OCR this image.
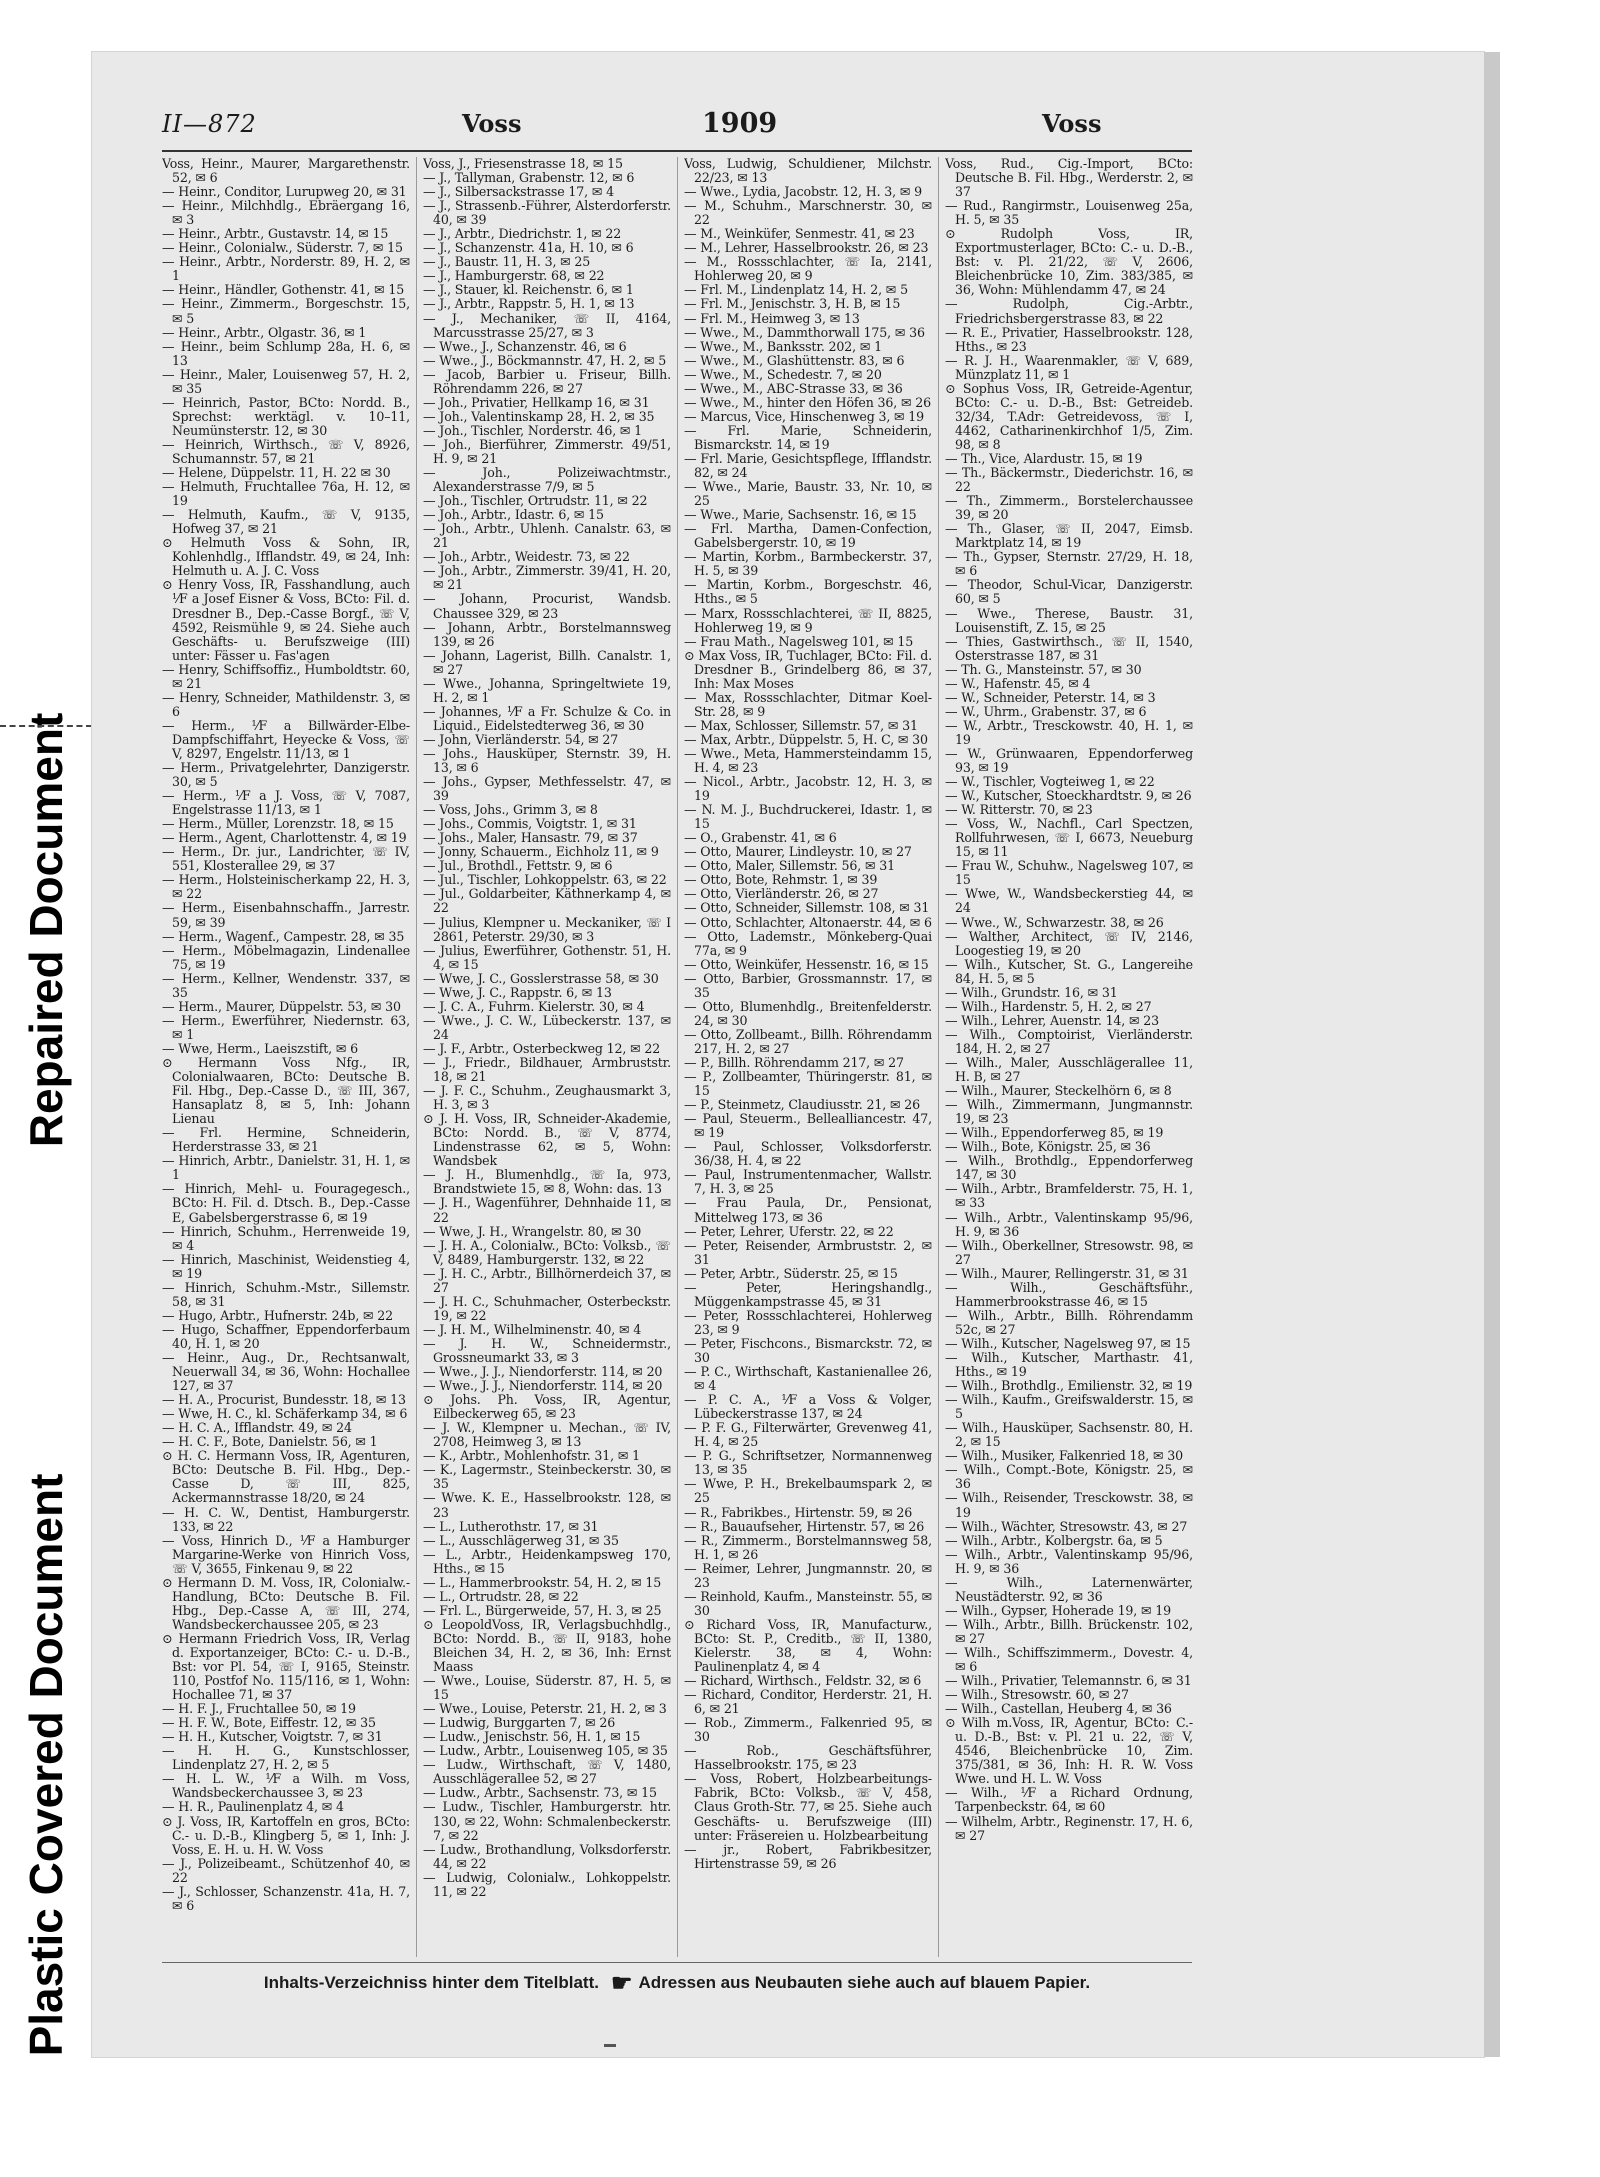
Repaired Document
Plastic Covered Document
II—872	Voss	1909	Voss

Voss, Heinr., Maurer, Margarethenstr. 52, ✉ 6

— Heinr., Conditor, Lurupweg 20, ✉ 31

— Heinr., Milchhdlg., Ebräergang 16, ✉ 3

— Heinr., Arbtr., Gustavstr. 14, ✉ 15

— Heinr., Colonialw., Süderstr. 7, ✉ 15

— Heinr., Arbtr., Norderstr. 89, H. 2, ✉ 1

— Heinr., Händler, Gothenstr. 41, ✉ 15

— Heinr., Zimmerm., Borgeschstr. 15, ✉ 5

— Heinr., Arbtr., Olgastr. 36, ✉ 1

— Heinr., beim Schlump 28a, H. 6, ✉ 13

— Heinr., Maler, Louisenweg 57, H. 2, ✉ 35

— Heinrich, Pastor, BCto: Nordd. B., Sprechst: werktägl. v. 10–11, Neumünsterstr. 12, ✉ 30

— Heinrich, Wirthsch., ☏ V, 8926, Schumannstr. 57, ✉ 21

— Helene, Düppelstr. 11, H. 22 ✉ 30

— Helmuth, Fruchtallee 76a, H. 12, ✉ 19

— Helmuth, Kaufm., ☏ V, 9135, Hofweg 37, ✉ 21

⊙ Helmuth Voss & Sohn, IR, Kohlenhdlg., Ifflandstr. 49, ✉ 24, Inh: Helmuth u. A. J. C. Voss

⊙ Henry Voss, IR, Fasshandlung, auch ⅟F a Josef Eisner & Voss, BCto: Fil. d. Dresdner B., Dep.-Casse Borgf., ☏ V, 4592, Reismühle 9, ✉ 24. Siehe auch Geschäfts- u. Berufszweige (III) unter: Fässer u. Fas'agen

— Henry, Schiffsoffiz., Humboldtstr. 60, ✉ 21

— Henry, Schneider, Mathildenstr. 3, ✉ 6

— Herm., ⅟F a Billwärder-Elbe-Dampfschiffahrt, Heyecke & Voss, ☏ V, 8297, Engelstr. 11/13, ✉ 1

— Herm., Privatgelehrter, Danzigerstr. 30, ✉ 5

— Herm., ⅟F a J. Voss, ☏ V, 7087, Engelstrasse 11/13, ✉ 1

— Herm., Müller, Lorenzstr. 18, ✉ 15

— Herm., Agent, Charlottenstr. 4, ✉ 19

— Herm., Dr. jur., Landrichter, ☏ IV, 551, Klosterallee 29, ✉ 37

— Herm., Holsteinischerkamp 22, H. 3, ✉ 22

— Herm., Eisenbahnschaffn., Jarrestr. 59, ✉ 39

— Herm., Wagenf., Campestr. 28, ✉ 35

— Herm., Möbelmagazin, Lindenallee 75, ✉ 19

— Herm., Kellner, Wendenstr. 337, ✉ 35

— Herm., Maurer, Düppelstr. 53, ✉ 30

— Herm., Ewerführer, Niedernstr. 63, ✉ 1

— Wwe, Herm., Laeiszstift, ✉ 6

⊙ Hermann Voss Nfg., IR, Colonialwaaren, BCto: Deutsche B. Fil. Hbg., Dep.-Casse D., ☏ III, 367, Hansaplatz 8, ✉ 5, Inh: Johann Lienau

— Frl. Hermine, Schneiderin, Herderstrasse 33, ✉ 21

— Hinrich, Arbtr., Danielstr. 31, H. 1, ✉ 1

— Hinrich, Mehl- u. Fouragegesch., BCto: H. Fil. d. Dtsch. B., Dep.-Casse E, Gabelsbergerstrasse 6, ✉ 19

— Hinrich, Schuhm., Herrenweide 19, ✉ 4

— Hinrich, Maschinist, Weidenstieg 4, ✉ 19

— Hinrich, Schuhm.-Mstr., Sillemstr. 58, ✉ 31

— Hugo, Arbtr., Hufnerstr. 24b, ✉ 22

— Hugo, Schaffner, Eppendorferbaum 40, H. 1, ✉ 20

— Heinr., Aug., Dr., Rechtsanwalt, Neuerwall 34, ✉ 36, Wohn: Hochallee 127, ✉ 37

— H. A., Procurist, Bundesstr. 18, ✉ 13

— Wwe, H. C., kl. Schäferkamp 34, ✉ 6

— H. C. A., Ifflandstr. 49, ✉ 24

— H. C. F., Bote, Danielstr. 56, ✉ 1

⊙ H. C. Hermann Voss, IR, Agenturen, BCto: Deutsche B. Fil. Hbg., Dep.-Casse D, ☏ III, 825, Ackermannstrasse 18/20, ✉ 24

— H. C. W., Dentist, Hamburgerstr. 133, ✉ 22

— Voss, Hinrich D., ⅟F a Hamburger Margarine-Werke von Hinrich Voss, ☏ V, 3655, Finkenau 9, ✉ 22

⊙ Hermann D. M. Voss, IR, Colonialw.-Handlung, BCto: Deutsche B. Fil. Hbg., Dep.-Casse A, ☏ III, 274, Wandsbeckerchaussee 205, ✉ 23

⊙ Hermann Friedrich Voss, IR, Verlag d. Exportanzeiger, BCto: C.- u. D.-B., Bst: vor Pl. 54, ☏ I, 9165, Steinstr. 110, Postfof No. 115/116, ✉ 1, Wohn: Hochallee 71, ✉ 37

— H. F. J., Fruchtallee 50, ✉ 19

— H. F. W., Bote, Eiffestr. 12, ✉ 35

— H. H., Kutscher, Voigtstr. 7, ✉ 31

— H. H. G., Kunstschlosser, Lindenplatz 27, H. 2, ✉ 5

— H. L. W., ⅟F a Wilh. m Voss, Wandsbeckerchaussee 3, ✉ 23

— H. R., Paulinenplatz 4, ✉ 4

⊙ J. Voss, IR, Kartoffeln en gros, BCto: C.- u. D.-B., Klingberg 5, ✉ 1, Inh: J. Voss, E. H. u. H. W. Voss

— J., Polizeibeamt., Schützenhof 40, ✉ 22

— J., Schlosser, Schanzenstr. 41a, H. 7, ✉ 6

Voss, J., Friesenstrasse 18, ✉ 15

— J., Tallyman, Grabenstr. 12, ✉ 6

— J., Silbersackstrasse 17, ✉ 4

— J., Strassenb.-Führer, Alsterdorferstr. 40, ✉ 39

— J., Arbtr., Diedrichstr. 1, ✉ 22

— J., Schanzenstr. 41a, H. 10, ✉ 6

— J., Baustr. 11, H. 3, ✉ 25

— J., Hamburgerstr. 68, ✉ 22

— J., Stauer, kl. Reichenstr. 6, ✉ 1

— J., Arbtr., Rappstr. 5, H. 1, ✉ 13

— J., Mechaniker, ☏ II, 4164, Marcusstrasse 25/27, ✉ 3

— Wwe., J., Schanzenstr. 46, ✉ 6

— Wwe., J., Böckmannstr. 47, H. 2, ✉ 5

— Jacob, Barbier u. Friseur, Billh. Röhrendamm 226, ✉ 27

— Joh., Privatier, Hellkamp 16, ✉ 31

— Joh., Valentinskamp 28, H. 2, ✉ 35

— Joh., Tischler, Norderstr. 46, ✉ 1

— Joh., Bierführer, Zimmerstr. 49/51, H. 9, ✉ 21

— Joh., Polizeiwachtmstr., Alexanderstrasse 7/9, ✉ 5

— Joh., Tischler, Ortrudstr. 11, ✉ 22

— Joh., Arbtr., Idastr. 6, ✉ 15

— Joh., Arbtr., Uhlenh. Canalstr. 63, ✉ 21

— Joh., Arbtr., Weidestr. 73, ✉ 22

— Joh., Arbtr., Zimmerstr. 39/41, H. 20, ✉ 21

— Johann, Procurist, Wandsb. Chaussee 329, ✉ 23

— Johann, Arbtr., Borstelmannsweg 139, ✉ 26

— Johann, Lagerist, Billh. Canalstr. 1, ✉ 27

— Wwe., Johanna, Springeltwiete 19, H. 2, ✉ 1

— Johannes, ⅟F a Fr. Schulze & Co. in Liquid., Eidelstedterweg 36, ✉ 30

— John, Vierländerstr. 54, ✉ 27

— Johs., Hausküper, Sternstr. 39, H. 13, ✉ 6

— Johs., Gypser, Methfesselstr. 47, ✉ 39

— Voss, Johs., Grimm 3, ✉ 8

— Johs., Commis, Voigtstr. 1, ✉ 31

— Johs., Maler, Hansastr. 79, ✉ 37

— Jonny, Schauerm., Eichholz 11, ✉ 9

— Jul., Brothdl., Fettstr. 9, ✉ 6

— Jul., Tischler, Lohkoppelstr. 63, ✉ 22

— Jul., Goldarbeiter, Käthnerkamp 4, ✉ 22

— Julius, Klempner u. Meckaniker, ☏ I 2861, Peterstr. 29/30, ✉ 3

— Julius, Ewerführer, Gothenstr. 51, H. 4, ✉ 15

— Wwe, J. C., Gosslerstrasse 58, ✉ 30

— Wwe, J. C., Rappstr. 6, ✉ 13

— J. C. A., Fuhrm. Kielerstr. 30, ✉ 4

— Wwe., J. C. W., Lübeckerstr. 137, ✉ 24

— J. F., Arbtr., Osterbeckweg 12, ✉ 22

— J., Friedr., Bildhauer, Armbruststr. 18, ✉ 21

— J. F. C., Schuhm., Zeughausmarkt 3, H. 3, ✉ 3

⊙ J. H. Voss, IR, Schneider-Akademie, BCto: Nordd. B., ☏ V, 8774, Lindenstrasse 62, ✉ 5, Wohn: Wandsbek

— J. H., Blumenhdlg., ☏ Ia, 973, Brandstwiete 15, ✉ 8, Wohn: das. 13

— J. H., Wagenführer, Dehnhaide 11, ✉ 22

— Wwe, J. H., Wrangelstr. 80, ✉ 30

— J. H. A., Colonialw., BCto: Volksb., ☏ V, 8489, Hamburgerstr. 132, ✉ 22

— J. H. C., Arbtr., Billhörnerdeich 37, ✉ 27

— J. H. C., Schuhmacher, Osterbeckstr. 19, ✉ 22

— J. H. M., Wilhelminenstr. 40, ✉ 4

— J. H. W., Schneidermstr., Grossneumarkt 33, ✉ 3

— Wwe., J. J., Niendorferstr. 114, ✉ 20

— Wwe., J. J., Niendorferstr. 114, ✉ 20

⊙ Johs. Ph. Voss, IR, Agentur, Eilbeckerweg 65, ✉ 23

— J. W., Klempner u. Mechan., ☏ IV, 2708, Heimweg 3, ✉ 13

— K., Arbtr., Mohlenhofstr. 31, ✉ 1

— K., Lagermstr., Steinbeckerstr. 30, ✉ 35

— Wwe. K. E., Hasselbrookstr. 128, ✉ 23

— L., Lutherothstr. 17, ✉ 31

— L., Ausschlägerweg 31, ✉ 35

— L., Arbtr., Heidenkampsweg 170, Hths., ✉ 15

— L., Hammerbrookstr. 54, H. 2, ✉ 15

— L., Ortrudstr. 28, ✉ 22

— Frl. L., Bürgerweide, 57, H. 3, ✉ 25

⊙ LeopoldVoss, IR, Verlagsbuchhdlg., BCto: Nordd. B., ☏ II, 9183, hohe Bleichen 34, H. 2, ✉ 36, Inh: Ernst Maass

— Wwe., Louise, Süderstr. 87, H. 5, ✉ 15

— Wwe., Louise, Peterstr. 21, H. 2, ✉ 3

— Ludwig, Burggarten 7, ✉ 26

— Ludw., Jenischstr. 56, H. 1, ✉ 15

— Ludw., Arbtr., Louisenweg 105, ✉ 35

— Ludw., Wirthschaft, ☏ V, 1480, Ausschlägerallee 52, ✉ 27

— Ludw., Arbtr., Sachsenstr. 73, ✉ 15

— Ludw., Tischler, Hamburgerstr. htr. 130, ✉ 22, Wohn: Schmalenbeckerstr. 7, ✉ 22

— Ludw., Brothandlung, Volksdorferstr. 44, ✉ 22

— Ludwig, Colonialw., Lohkoppelstr. 11, ✉ 22

Voss, Ludwig, Schuldiener, Milchstr. 22/23, ✉ 13

— Wwe., Lydia, Jacobstr. 12, H. 3, ✉ 9

— M., Schuhm., Marschnerstr. 30, ✉ 22

— M., Weinküfer, Senmestr. 41, ✉ 23

— M., Lehrer, Hasselbrookstr. 26, ✉ 23

— M., Rossschlachter, ☏ Ia, 2141, Hohlerweg 20, ✉ 9

— Frl. M., Lindenplatz 14, H. 2, ✉ 5

— Frl. M., Jenischstr. 3, H. B, ✉ 15

— Frl. M., Heimweg 3, ✉ 13

— Wwe., M., Dammthorwall 175, ✉ 36

— Wwe., M., Banksstr. 202, ✉ 1

— Wwe., M., Glashüttenstr. 83, ✉ 6

— Wwe., M., Schedestr. 7, ✉ 20

— Wwe., M., ABC-Strasse 33, ✉ 36

— Wwe., M., hinter den Höfen 36, ✉ 26

— Marcus, Vice, Hinschenweg 3, ✉ 19

— Frl. Marie, Schneiderin, Bismarckstr. 14, ✉ 19

— Frl. Marie, Gesichtspflege, Ifflandstr. 82, ✉ 24

— Wwe., Marie, Baustr. 33, Nr. 10, ✉ 25

— Wwe., Marie, Sachsenstr. 16, ✉ 15

— Frl. Martha, Damen-Confection, Gabelsbergerstr. 10, ✉ 19

— Martin, Korbm., Barmbeckerstr. 37, H. 5, ✉ 39

— Martin, Korbm., Borgeschstr. 46, Hths., ✉ 5

— Marx, Rossschlachterei, ☏ II, 8825, Hohlerweg 19, ✉ 9

— Frau Math., Nagelsweg 101, ✉ 15

⊙ Max Voss, IR, Tuchlager, BCto: Fil. d. Dresdner B., Grindelberg 86, ✉ 37, Inh: Max Moses

— Max, Rossschlachter, Ditmar Koel-Str. 28, ✉ 9

— Max, Schlosser, Sillemstr. 57, ✉ 31

— Max, Arbtr., Düppelstr. 5, H. C, ✉ 30

— Wwe., Meta, Hammersteindamm 15, H. 4, ✉ 23

— Nicol., Arbtr., Jacobstr. 12, H. 3, ✉ 19

— N. M. J., Buchdruckerei, Idastr. 1, ✉ 15

— O., Grabenstr. 41, ✉ 6

— Otto, Maurer, Lindleystr. 10, ✉ 27

— Otto, Maler, Sillemstr. 56, ✉ 31

— Otto, Bote, Rehmstr. 1, ✉ 39

— Otto, Vierländerstr. 26, ✉ 27

— Otto, Schneider, Sillemstr. 108, ✉ 31

— Otto, Schlachter, Altonaerstr. 44, ✉ 6

— Otto, Lademstr., Mönkeberg-Quai 77a, ✉ 9

— Otto, Weinküfer, Hessenstr. 16, ✉ 15

— Otto, Barbier, Grossmannstr. 17, ✉ 35

— Otto, Blumenhdlg., Breitenfelderstr. 24, ✉ 30

— Otto, Zollbeamt., Billh. Röhrendamm 217, H. 2, ✉ 27

— P., Billh. Röhrendamm 217, ✉ 27

— P., Zollbeamter, Thüringerstr. 81, ✉ 15

— P., Steinmetz, Claudiusstr. 21, ✉ 26

— Paul, Steuerm., Bellealliancestr. 47, ✉ 19

— Paul, Schlosser, Volksdorferstr. 36/38, H. 4, ✉ 22

— Paul, Instrumentenmacher, Wallstr. 7, H. 3, ✉ 25

— Frau Paula, Dr., Pensionat, Mittelweg 173, ✉ 36

— Peter, Lehrer, Uferstr. 22, ✉ 22

— Peter, Reisender, Armbruststr. 2, ✉ 31

— Peter, Arbtr., Süderstr. 25, ✉ 15

— Peter, Heringshandlg., Müggenkampstrasse 45, ✉ 31

— Peter, Rossschlachterei, Hohlerweg 23, ✉ 9

— Peter, Fischcons., Bismarckstr. 72, ✉ 30

— P. C., Wirthschaft, Kastanienallee 26, ✉ 4

— P. C. A., ⅟F a Voss & Volger, Lübeckerstrasse 137, ✉ 24

— P. F. G., Filterwärter, Grevenweg 41, H. 4, ✉ 25

— P. G., Schriftsetzer, Normannenweg 13, ✉ 35

— Wwe, P. H., Brekelbaumspark 2, ✉ 25

— R., Fabrikbes., Hirtenstr. 59, ✉ 26

— R., Bauaufseher, Hirtenstr. 57, ✉ 26

— R., Zimmerm., Borstelmannsweg 58, H. 1, ✉ 26

— Reimer, Lehrer, Jungmannstr. 20, ✉ 23

— Reinhold, Kaufm., Mansteinstr. 55, ✉ 30

⊙ Richard Voss, IR, Manufacturw., BCto: St. P., Creditb., ☏ II, 1380, Kielerstr. 38, ✉ 4, Wohn: Paulinenplatz 4, ✉ 4

— Richard, Wirthsch., Feldstr. 32, ✉ 6

— Richard, Conditor, Herderstr. 21, H. 6, ✉ 21

— Rob., Zimmerm., Falkenried 95, ✉ 30

— Rob., Geschäftsführer, Hasselbrookstr. 175, ✉ 23

— Voss, Robert, Holzbearbeitungs-Fabrik, BCto: Volksb., ☏ V, 458, Claus Groth-Str. 77, ✉ 25. Siehe auch Geschäfts- u. Berufszweige (III) unter: Fräsereien u. Holzbearbeitung

— jr., Robert, Fabrikbesitzer, Hirtenstrasse 59, ✉ 26

Voss, Rud., Cig.-Import, BCto: Deutsche B. Fil. Hbg., Werderstr. 2, ✉ 37

— Rud., Rangirmstr., Louisenweg 25a, H. 5, ✉ 35

⊙ Rudolph Voss, IR, Exportmusterlager, BCto: C.- u. D.-B., Bst: v. Pl. 21/22, ☏ V, 2606, Bleichenbrücke 10, Zim. 383/385, ✉ 36, Wohn: Mühlendamm 47, ✉ 24

— Rudolph, Cig.-Arbtr., Friedrichsbergerstrasse 83, ✉ 22

— R. E., Privatier, Hasselbrookstr. 128, Hths., ✉ 23

— R. J. H., Waarenmakler, ☏ V, 689, Münzplatz 11, ✉ 1

⊙ Sophus Voss, IR, Getreide-Agentur, BCto: C.- u. D.-B., Bst: Getreideb. 32/34, T.Adr: Getreidevoss, ☏ I, 4462, Catharinenkirchhof 1/5, Zim. 98, ✉ 8

— Th., Vice, Alardustr. 15, ✉ 19

— Th., Bäckermstr., Diederichstr. 16, ✉ 22

— Th., Zimmerm., Borstelerchaussee 39, ✉ 20

— Th., Glaser, ☏ II, 2047, Eimsb. Marktplatz 14, ✉ 19

— Th., Gypser, Sternstr. 27/29, H. 18, ✉ 6

— Theodor, Schul-Vicar, Danzigerstr. 60, ✉ 5

— Wwe., Therese, Baustr. 31, Louisenstift, Z. 15, ✉ 25

— Thies, Gastwirthsch., ☏ II, 1540, Osterstrasse 187, ✉ 31

— Th. G., Mansteinstr. 57, ✉ 30

— W., Hafenstr. 45, ✉ 4

— W., Schneider, Peterstr. 14, ✉ 3

— W., Uhrm., Grabenstr. 37, ✉ 6

— W., Arbtr., Tresckowstr. 40, H. 1, ✉ 19

— W., Grünwaaren, Eppendorferweg 93, ✉ 19

— W., Tischler, Vogteiweg 1, ✉ 22

— W., Kutscher, Stoeckhardtstr. 9, ✉ 26

— W. Ritterstr. 70, ✉ 23

— Voss, W., Nachfl., Carl Spectzen, Rollfuhrwesen, ☏ I, 6673, Neueburg 15, ✉ 11

— Frau W., Schuhw., Nagelsweg 107, ✉ 15

— Wwe, W., Wandsbeckerstieg 44, ✉ 24

— Wwe., W., Schwarzestr. 38, ✉ 26

— Walther, Architect, ☏ IV, 2146, Loogestieg 19, ✉ 20

— Wilh., Kutscher, St. G., Langereihe 84, H. 5, ✉ 5

— Wilh., Grundstr. 16, ✉ 31

— Wilh., Hardenstr. 5, H. 2, ✉ 27

— Wilh., Lehrer, Auenstr. 14, ✉ 23

— Wilh., Comptoirist, Vierländerstr. 184, H. 2, ✉ 27

— Wilh., Maler, Ausschlägerallee 11, H. B, ✉ 27

— Wilh., Maurer, Steckelhörn 6, ✉ 8

— Wilh., Zimmermann, Jungmannstr. 19, ✉ 23

— Wilh., Eppendorferweg 85, ✉ 19

— Wilh., Bote, Königstr. 25, ✉ 36

— Wilh., Brothdlg., Eppendorferweg 147, ✉ 30

— Wilh., Arbtr., Bramfelderstr. 75, H. 1, ✉ 33

— Wilh., Arbtr., Valentinskamp 95/96, H. 9, ✉ 36

— Wilh., Oberkellner, Stresowstr. 98, ✉ 27

— Wilh., Maurer, Rellingerstr. 31, ✉ 31

— Wilh., Geschäftsführ., Hammerbrookstrasse 46, ✉ 15

— Wilh., Arbtr., Billh. Röhrendamm 52c, ✉ 27

— Wilh., Kutscher, Nagelsweg 97, ✉ 15

— Wilh., Kutscher, Marthastr. 41, Hths., ✉ 19

— Wilh., Brothdlg., Emilienstr. 32, ✉ 19

— Wilh., Kaufm., Greifswalderstr. 15, ✉ 5

— Wilh., Hausküper, Sachsenstr. 80, H. 2, ✉ 15

— Wilh., Musiker, Falkenried 18, ✉ 30

— Wilh., Compt.-Bote, Königstr. 25, ✉ 36

— Wilh., Reisender, Tresckowstr. 38, ✉ 19

— Wilh., Wächter, Stresowstr. 43, ✉ 27

— Wilh., Arbtr., Kolbergstr. 6a, ✉ 5

— Wilh., Arbtr., Valentinskamp 95/96, H. 9, ✉ 36

— Wilh., Laternenwärter, Neustädterstr. 92, ✉ 36

— Wilh., Gypser, Hoherade 19, ✉ 19

— Wilh., Arbtr., Billh. Brückenstr. 102, ✉ 27

— Wilh., Schiffszimmerm., Dovestr. 4, ✉ 6

— Wilh., Privatier, Telemannstr. 6, ✉ 31

— Wilh., Stresowstr. 60, ✉ 27

— Wilh., Castellan, Heuberg 4, ✉ 36

⊙ Wilh m.Voss, IR, Agentur, BCto: C.- u. D.-B., Bst: v. Pl. 21 u. 22, ☏ V, 4546, Bleichenbrücke 10, Zim. 375/381, ✉ 36, Inh: H. R. W. Voss Wwe. und H. L. W. Voss

— Wilh., ⅟F a Richard Ordnung, Tarpenbeckstr. 64, ✉ 60

— Wilhelm, Arbtr., Reginenstr. 17, H. 6, ✉ 27

Inhalts-Verzeichniss hinter dem Titelblatt. ☛ Adressen aus Neubauten siehe auch auf blauem Papier.
